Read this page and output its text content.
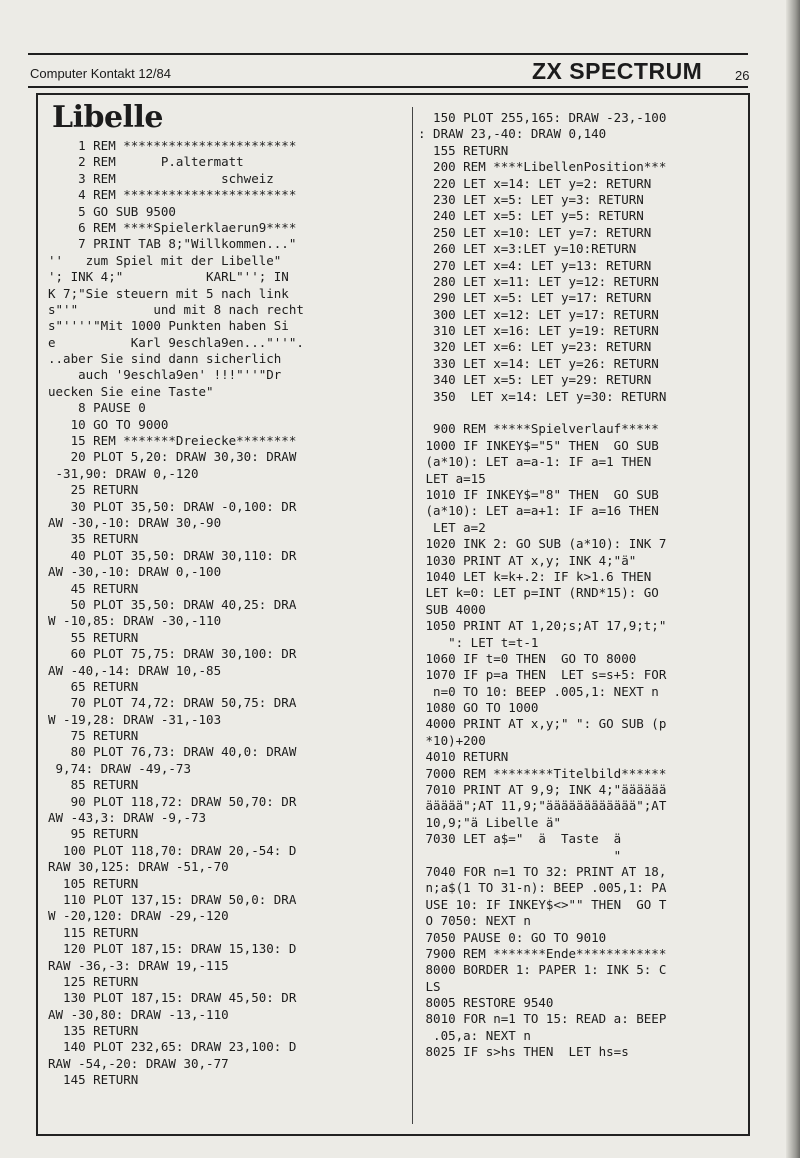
Computer Kontakt 12/84	ZX SPECTRUM	26
Libelle
1 REM ***********************
2 REM      P.altermatt
3 REM              schweiz
4 REM ***********************
5 GO SUB 9500
6 REM ****Spielerklaerun9****
7 PRINT TAB 8;"Willkommen..."
''   zum Spiel mit der Libelle"
'; INK 4;"           KARL"''; IN
K 7;"Sie steuern mit 5 nach link
s"'"          und mit 8 nach recht
s"''''"Mit 1000 Punkten haben Si
e          Karl 9eschla9en..."''".
..aber Sie sind dann sicherlich
auch '9eschla9en' !!!"''"Dr
uecken Sie eine Taste"
8 PAUSE 0
10 GO TO 9000
15 REM *******Dreiecke********
20 PLOT 5,20: DRAW 30,30: DRAW
-31,90: DRAW 0,-120
25 RETURN
30 PLOT 35,50: DRAW -0,100: DR
AW -30,-10: DRAW 30,-90
35 RETURN
40 PLOT 35,50: DRAW 30,110: DR
AW -30,-10: DRAW 0,-100
45 RETURN
50 PLOT 35,50: DRAW 40,25: DRA
W -10,85: DRAW -30,-110
55 RETURN
60 PLOT 75,75: DRAW 30,100: DR
AW -40,-14: DRAW 10,-85
65 RETURN
70 PLOT 74,72: DRAW 50,75: DRA
W -19,28: DRAW -31,-103
75 RETURN
80 PLOT 76,73: DRAW 40,0: DRAW
9,74: DRAW -49,-73
85 RETURN
90 PLOT 118,72: DRAW 50,70: DR
AW -43,3: DRAW -9,-73
95 RETURN
100 PLOT 118,70: DRAW 20,-54: D
RAW 30,125: DRAW -51,-70
105 RETURN
110 PLOT 137,15: DRAW 50,0: DRA
W -20,120: DRAW -29,-120
115 RETURN
120 PLOT 187,15: DRAW 15,130: D
RAW -36,-3: DRAW 19,-115
125 RETURN
130 PLOT 187,15: DRAW 45,50: DR
AW -30,80: DRAW -13,-110
135 RETURN
140 PLOT 232,65: DRAW 23,100: D
RAW -54,-20: DRAW 30,-77
145 RETURN
150 PLOT 255,165: DRAW -23,-100
: DRAW 23,-40: DRAW 0,140
155 RETURN
200 REM ****LibellenPosition***
220 LET x=14: LET y=2: RETURN
230 LET x=5: LET y=3: RETURN
240 LET x=5: LET y=5: RETURN
250 LET x=10: LET y=7: RETURN
260 LET x=3:LET y=10:RETURN
270 LET x=4: LET y=13: RETURN
280 LET x=11: LET y=12: RETURN
290 LET x=5: LET y=17: RETURN
300 LET x=12: LET y=17: RETURN
310 LET x=16: LET y=19: RETURN
320 LET x=6: LET y=23: RETURN
330 LET x=14: LET y=26: RETURN
340 LET x=5: LET y=29: RETURN
350  LET x=14: LET y=30: RETURN
900 REM *****Spielverlauf*****
1000 IF INKEY$="5" THEN  GO SUB
(a*10): LET a=a-1: IF a=1 THEN
LET a=15
1010 IF INKEY$="8" THEN  GO SUB
(a*10): LET a=a+1: IF a=16 THEN
LET a=2
1020 INK 2: GO SUB (a*10): INK 7
1030 PRINT AT x,y; INK 4;"ä"
1040 LET k=k+.2: IF k>1.6 THEN
LET k=0: LET p=INT (RND*15): GO
SUB 4000
1050 PRINT AT 1,20;s;AT 17,9;t;"
": LET t=t-1
1060 IF t=0 THEN  GO TO 8000
1070 IF p=a THEN  LET s=s+5: FOR
n=0 TO 10: BEEP .005,1: NEXT n
1080 GO TO 1000
4000 PRINT AT x,y;" ": GO SUB (p
*10)+200
4010 RETURN
7000 REM ********Titelbild******
7010 PRINT AT 9,9; INK 4;"ääääää
äääää";AT 11,9;"ääääääääääää";AT
10,9;"ä Libelle ä"
7030 LET a$="  ä  Taste  ä
"
7040 FOR n=1 TO 32: PRINT AT 18,
n;a$(1 TO 31-n): BEEP .005,1: PA
USE 10: IF INKEY$<>"" THEN  GO T
O 7050: NEXT n
7050 PAUSE 0: GO TO 9010
7900 REM *******Ende************
8000 BORDER 1: PAPER 1: INK 5: C
LS
8005 RESTORE 9540
8010 FOR n=1 TO 15: READ a: BEEP
.05,a: NEXT n
8025 IF s>hs THEN  LET hs=s
